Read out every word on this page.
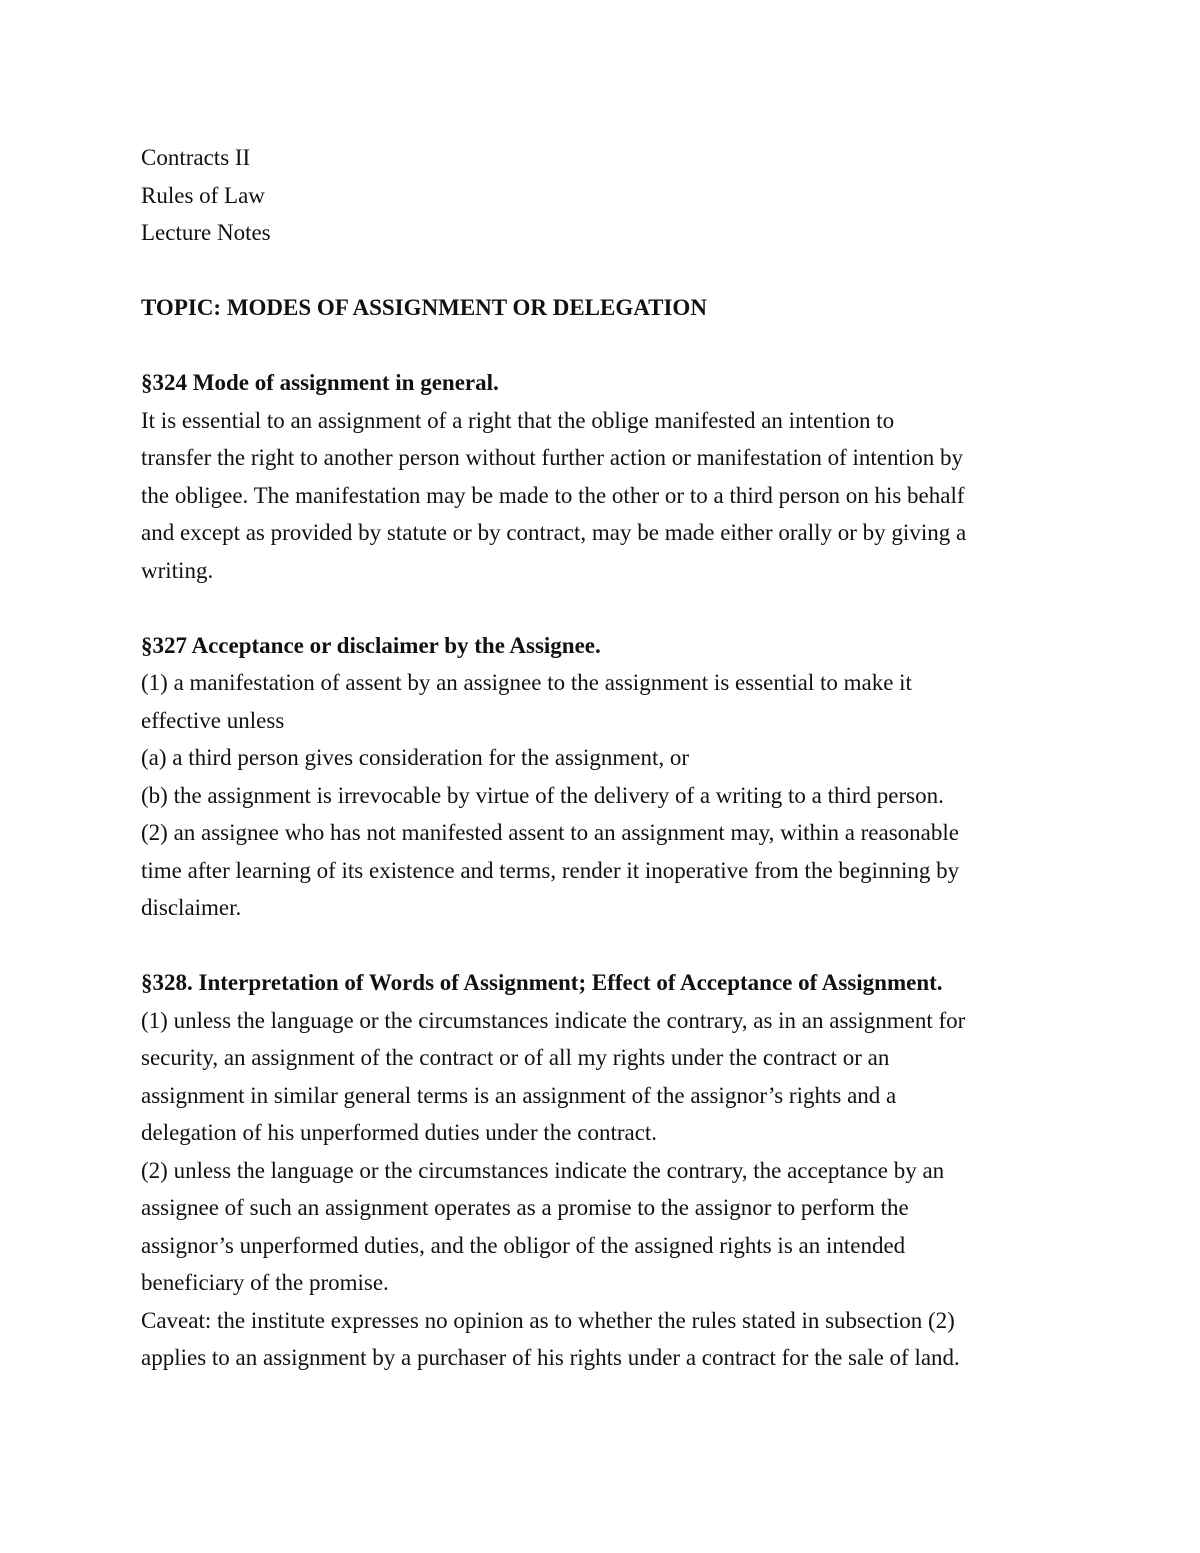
Contracts II
Rules of Law
Lecture Notes
TOPIC: MODES OF ASSIGNMENT OR DELEGATION
§324 Mode of assignment in general.
It is essential to an assignment of a right that the oblige manifested an intention to
transfer the right to another person without further action or manifestation of intention by
the obligee. The manifestation may be made to the other or to a third person on his behalf
and except as provided by statute or by contract, may be made either orally or by giving a
writing.
§327 Acceptance or disclaimer by the Assignee.
(1) a manifestation of assent by an assignee to the assignment is essential to make it
effective unless
(a) a third person gives consideration for the assignment, or
(b) the assignment is irrevocable by virtue of the delivery of a writing to a third person.
(2) an assignee who has not manifested assent to an assignment may, within a reasonable
time after learning of its existence and terms, render it inoperative from the beginning by
disclaimer.
§328. Interpretation of Words of Assignment; Effect of Acceptance of Assignment.
(1) unless the language or the circumstances indicate the contrary, as in an assignment for
security, an assignment of the contract or of all my rights under the contract or an
assignment in similar general terms is an assignment of the assignor’s rights and a
delegation of his unperformed duties under the contract.
(2) unless the language or the circumstances indicate the contrary, the acceptance by an
assignee of such an assignment operates as a promise to the assignor to perform the
assignor’s unperformed duties, and the obligor of the assigned rights is an intended
beneficiary of the promise.
Caveat: the institute expresses no opinion as to whether the rules stated in subsection (2)
applies to an assignment by a purchaser of his rights under a contract for the sale of land.
